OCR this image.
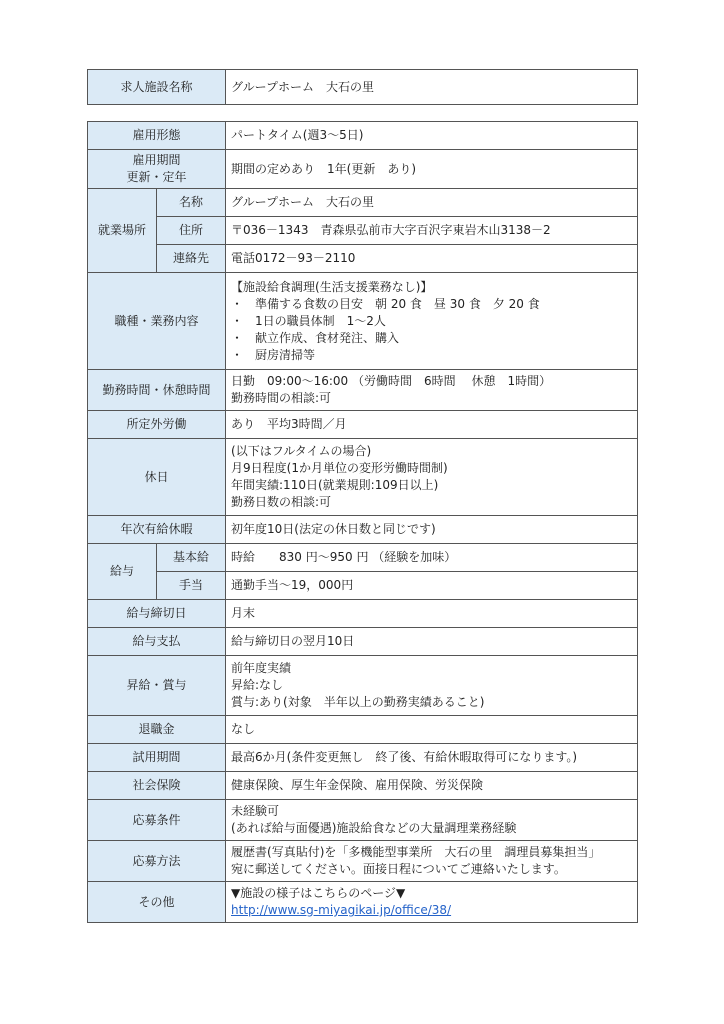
求人施設名称	グループホーム　大石の里
雇用形態		パートタイム(週3～5日)

雇用期間
更新・定年		期間の定めあり　1年(更新　あり)
就業場所	名称	グループホーム　大石の里
	住所	〒036－1343　青森県弘前市大字百沢字東岩木山3138－2
	連絡先	電話0172－93－2110
職種・業務内容		【施設給食調理(生活支援業務なし)】
・　準備する食数の目安　朝 20 食　昼 30 食　夕 20 食
・　1日の職員体制　1～2人
・　献立作成、食材発注、購入
・　厨房清掃等

勤務時間・休憩時間		日勤　09:00～16:00 （労働時間　6時間　 休憩　1時間）
勤務時間の相談:可

所定外労働		あり　平均3時間／月
休日		(以下はフルタイムの場合)
月9日程度(1か月単位の変形労働時間制)
年間実績:110日(就業規則:109日以上)
勤務日数の相談:可

年次有給休暇		初年度10日(法定の休日数と同じです)
給与	基本給	時給　　830 円～950 円 （経験を加味）
	手当	通勤手当～19，000円
給与締切日		月末
給与支払		給与締切日の翌月10日
昇給・賞与		前年度実績
昇給:なし
賞与:あり(対象　半年以上の勤務実績あること)

退職金		なし
試用期間		最高6か月(条件変更無し　終了後、有給休暇取得可になります。)
社会保険		健康保険、厚生年金保険、雇用保険、労災保険
応募条件		未経験可
(あれば給与面優遇)施設給食などの大量調理業務経験

応募方法		履歴書(写真貼付)を「多機能型事業所　大石の里　調理員募集担当」
宛に郵送してください。面接日程についてご連絡いたします。

その他		▼施設の様子はこちらのページ▼
http://www.sg-miyagikai.jp/office/38/
